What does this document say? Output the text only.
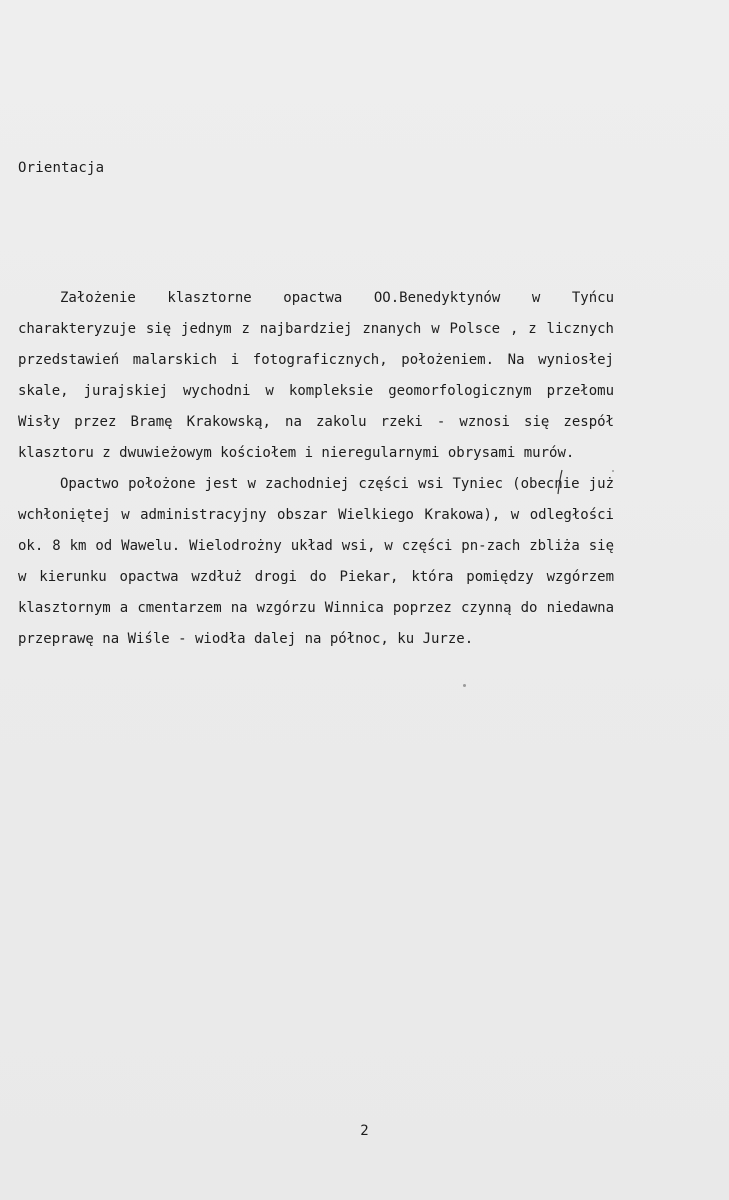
Orientacja
Założenie klasztorne opactwa OO.Benedyktynów w Tyńcu
charakteryzuje się jednym z najbardziej znanych w Polsce , z licznych
przedstawień malarskich i fotograficznych, położeniem. Na wyniosłej
skale, jurajskiej wychodni w kompleksie geomorfologicznym przełomu
Wisły przez Bramę Krakowską, na zakolu rzeki - wznosi się zespół
klasztoru z dwuwieżowym kościołem i nieregularnymi obrysami murów.
Opactwo położone jest w zachodniej części wsi Tyniec (obecnie już
wchłoniętej w administracyjny obszar Wielkiego Krakowa), w odległości
ok. 8 km od Wawelu. Wielodrożny układ wsi, w części pn-zach zbliża się
w kierunku opactwa wzdłuż drogi do Piekar, która pomiędzy wzgórzem
klasztornym a cmentarzem na wzgórzu Winnica poprzez czynną do niedawna
przeprawę na Wiśle - wiodła dalej na północ, ku Jurze.
2
